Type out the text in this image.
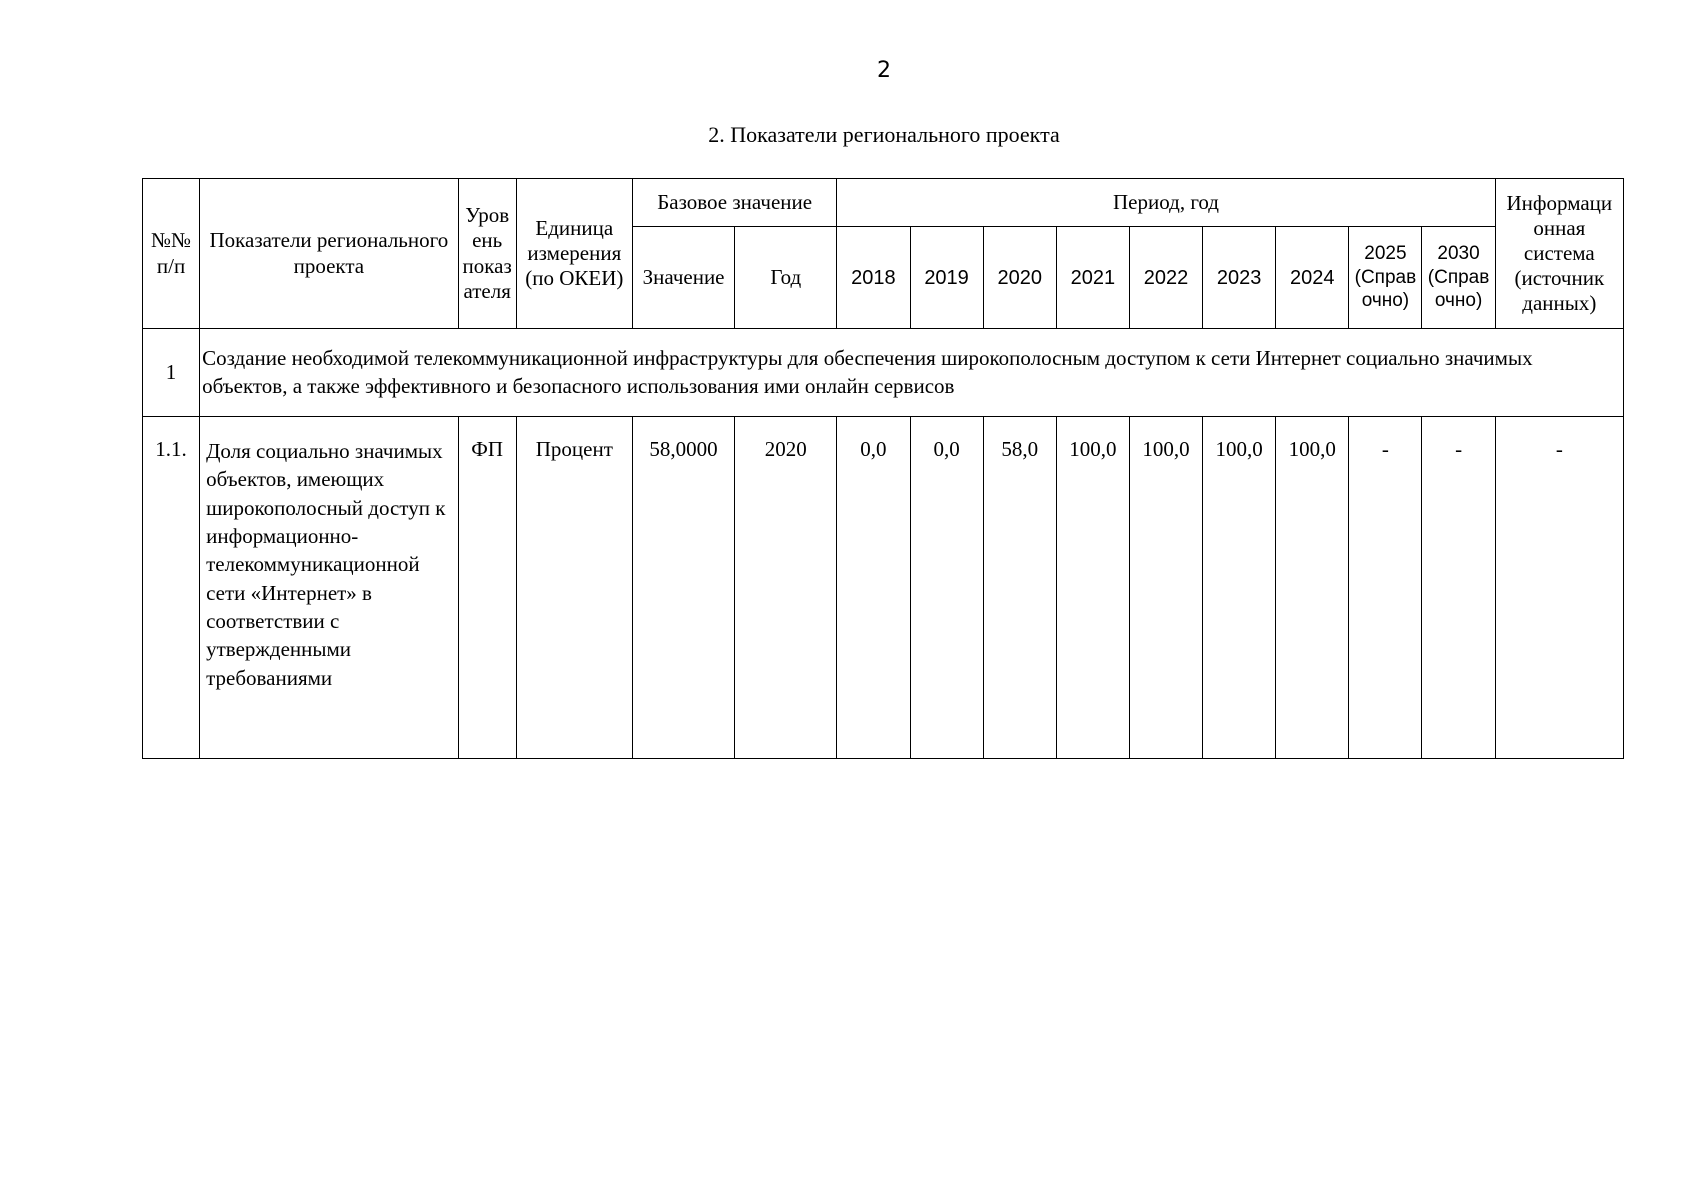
2
2. Показатели регионального проекта
№№ п/п	Показатели регионального проекта	Уров ень показ ателя	Единица измерения (по ОКЕИ)	Базовое значение		Период, год									Информаци онная система (источник данных)
				Значение	Год	2018	2019	2020	2021	2022	2023	2024	2025 (Справ очно)	2030 (Справ очно)	
1	Создание необходимой телекоммуникационной инфраструктуры для обеспечения широкополосным доступом к сети Интернет социально значимых объектов, а также эффективного и безопасного использования ими онлайн сервисов														
1.1.	Доля социально значимых объектов, имеющих широкополосный доступ к информационно-телекоммуникационной сети «Интернет» в соответствии с утвержденными требованиями	ФП	Процент	58,0000	2020	0,0	0,0	58,0	100,0	100,0	100,0	100,0	-	-	-
